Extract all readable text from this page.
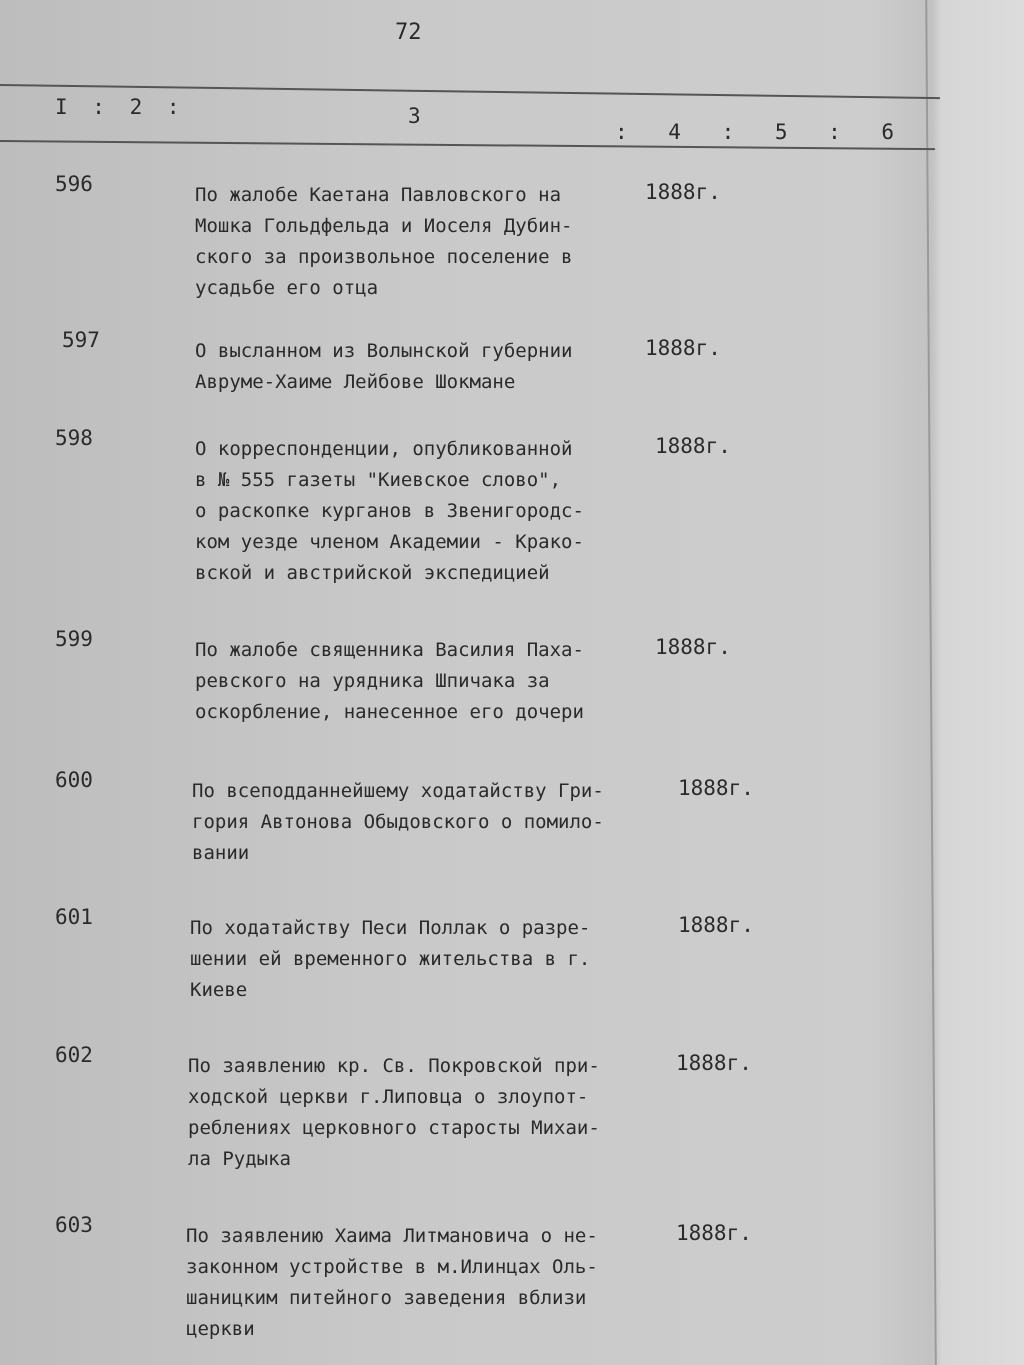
72
I : 2 :	3
: 4 : 5 : 6
596	По жалобе Каетана Павловского на
Мошка Гольдфельда и Иоселя Дубин-
ского за произвольное поселение в
усадьбе его отца
1888г.
597	О высланном из Волынской губернии
Авруме-Хаиме Лейбове Шокмане
1888г.
598	О корреспонденции, опубликованной
в № 555 газеты "Киевское слово",
о раскопке курганов в Звенигородс-
ком уезде членом Академии - Крако-
вской и австрийской экспедицией
1888г.
599	По жалобе священника Василия Паха-
ревского на урядника Шпичака за
оскорбление, нанесенное его дочери
1888г.
600	По всеподданнейшему ходатайству Гри-
гория Автонова Обыдовского о помило-
вании
1888г.
601	По ходатайству Песи Поллак о разре-
шении ей временного жительства в г.
Киеве
1888г.
602	По заявлению кр. Св. Покровской при-
ходской церкви г.Липовца о злоупот-
реблениях церковного старосты Михаи-
ла Рудыка
1888г.
603	По заявлению Хаима Литмановича о не-
законном устройстве в м.Илинцах Оль-
шаницким питейного заведения вблизи
церкви
1888г.
